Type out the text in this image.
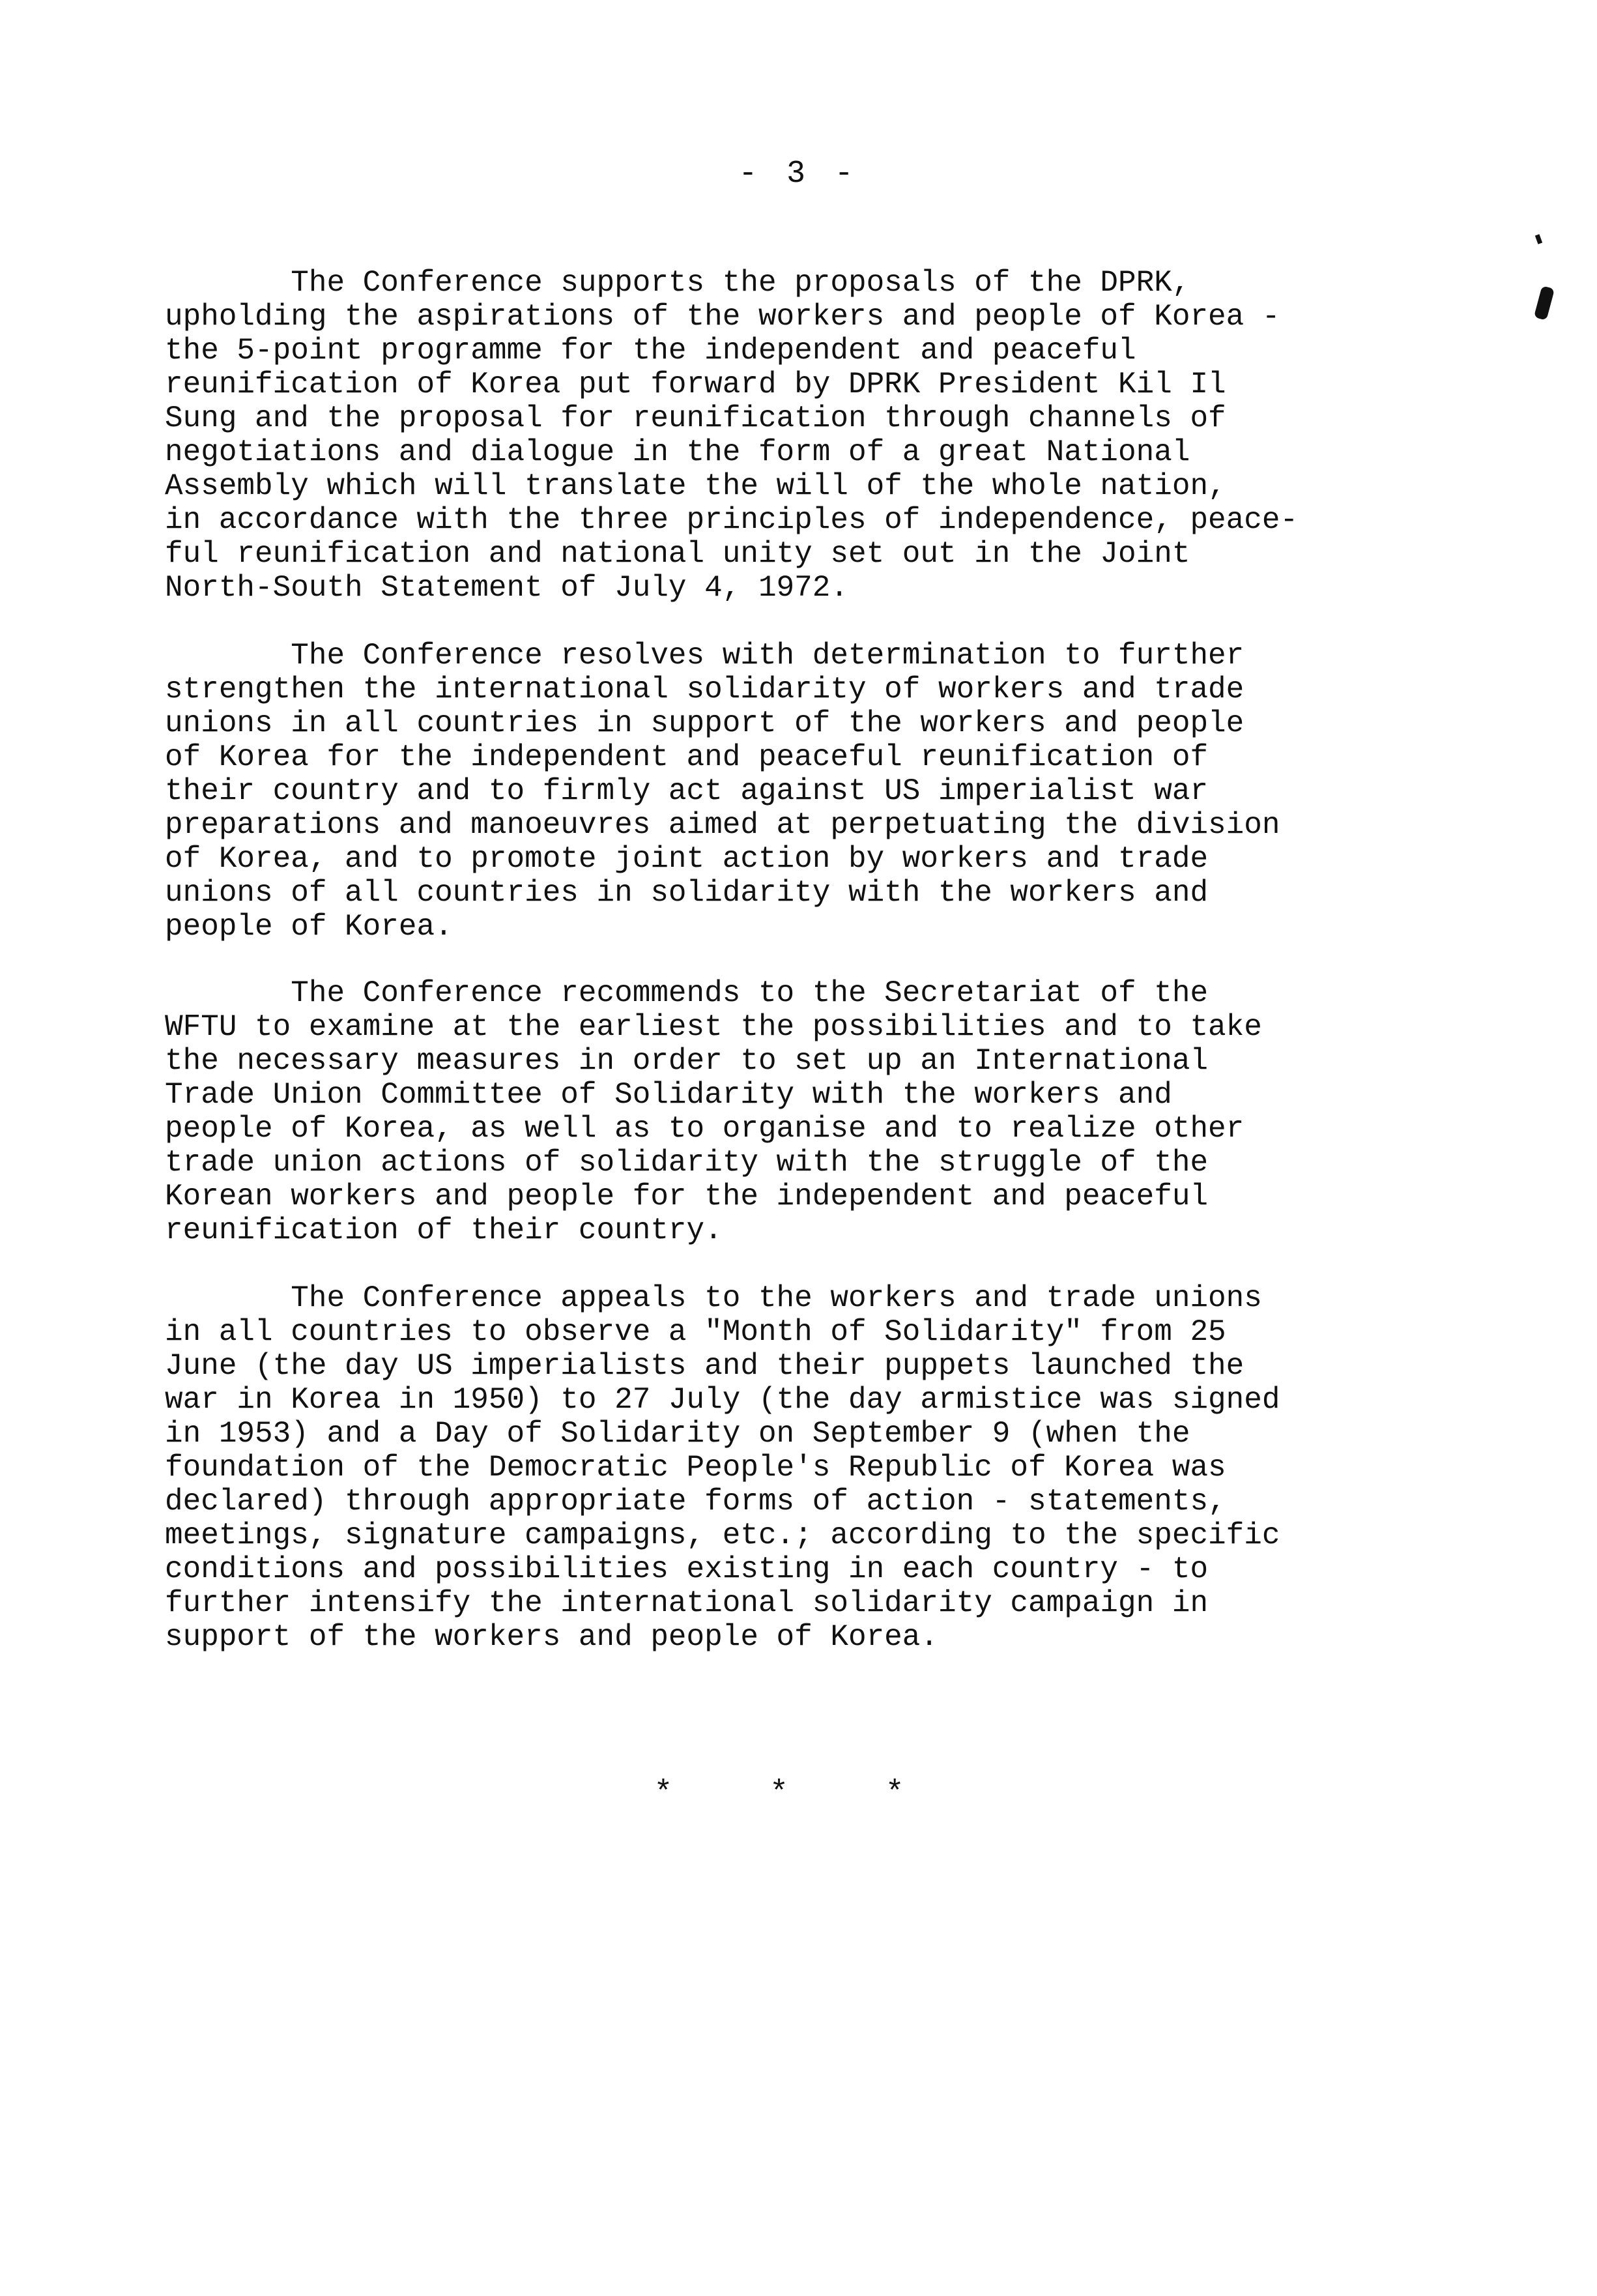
- 3 -

The Conference supports the proposals of the DPRK,
upholding the aspirations of the workers and people of Korea -
the 5-point programme for the independent and peaceful
reunification of Korea put forward by DPRK President Kil Il
Sung and the proposal for reunification through channels of
negotiations and dialogue in the form of a great National
Assembly which will translate the will of the whole nation,
in accordance with the three principles of independence, peace-
ful reunification and national unity set out in the Joint
North-South Statement of July 4, 1972.

The Conference resolves with determination to further
strengthen the international solidarity of workers and trade
unions in all countries in support of the workers and people
of Korea for the independent and peaceful reunification of
their country and to firmly act against US imperialist war
preparations and manoeuvres aimed at perpetuating the division
of Korea, and to promote joint action by workers and trade
unions of all countries in solidarity with the workers and
people of Korea.

The Conference recommends to the Secretariat of the
WFTU to examine at the earliest the possibilities and to take
the necessary measures in order to set up an International
Trade Union Committee of Solidarity with the workers and
people of Korea, as well as to organise and to realize other
trade union actions of solidarity with the struggle of the
Korean workers and people for the independent and peaceful
reunification of their country.

The Conference appeals to the workers and trade unions
in all countries to observe a "Month of Solidarity" from 25
June (the day US imperialists and their puppets launched the
war in Korea in 1950) to 27 July (the day armistice was signed
in 1953) and a Day of Solidarity on September 9 (when the
foundation of the Democratic People's Republic of Korea was
declared) through appropriate forms of action - statements,
meetings, signature campaigns, etc.; according to the specific
conditions and possibilities existing in each country - to
further intensify the international solidarity campaign in
support of the workers and people of Korea.

* * *
